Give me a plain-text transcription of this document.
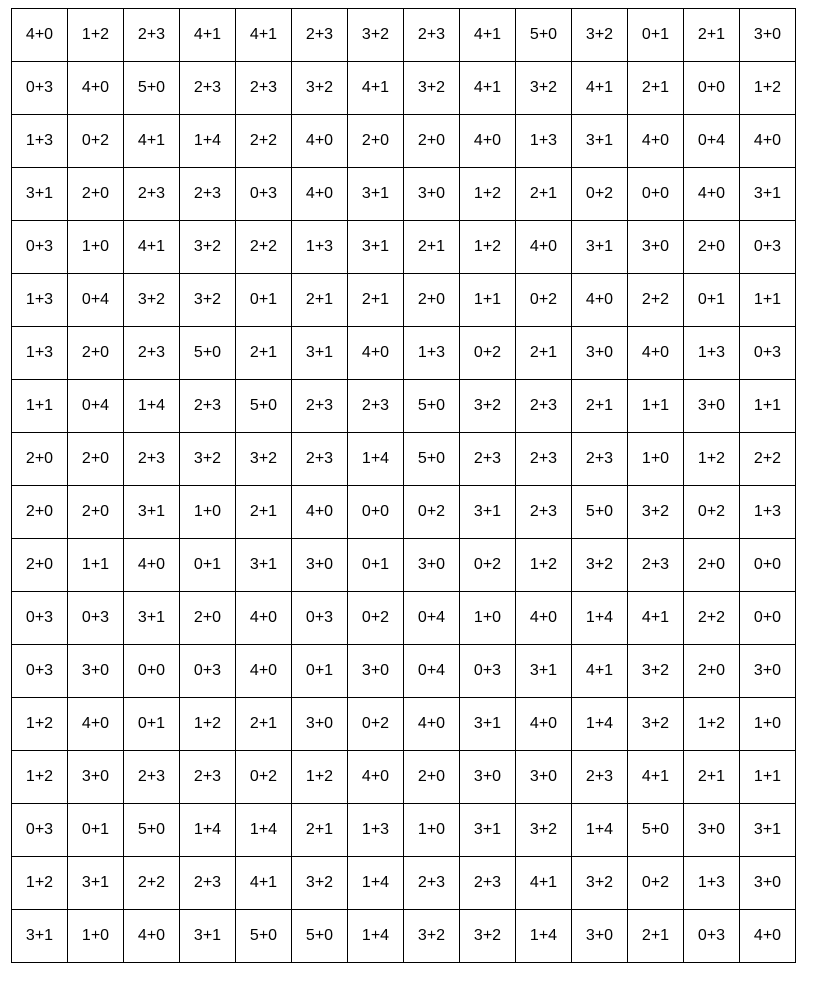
4+0	1+2	2+3	4+1	4+1	2+3	3+2	2+3	4+1	5+0	3+2	0+1	2+1	3+0
0+3	4+0	5+0	2+3	2+3	3+2	4+1	3+2	4+1	3+2	4+1	2+1	0+0	1+2
1+3	0+2	4+1	1+4	2+2	4+0	2+0	2+0	4+0	1+3	3+1	4+0	0+4	4+0
3+1	2+0	2+3	2+3	0+3	4+0	3+1	3+0	1+2	2+1	0+2	0+0	4+0	3+1
0+3	1+0	4+1	3+2	2+2	1+3	3+1	2+1	1+2	4+0	3+1	3+0	2+0	0+3
1+3	0+4	3+2	3+2	0+1	2+1	2+1	2+0	1+1	0+2	4+0	2+2	0+1	1+1
1+3	2+0	2+3	5+0	2+1	3+1	4+0	1+3	0+2	2+1	3+0	4+0	1+3	0+3
1+1	0+4	1+4	2+3	5+0	2+3	2+3	5+0	3+2	2+3	2+1	1+1	3+0	1+1
2+0	2+0	2+3	3+2	3+2	2+3	1+4	5+0	2+3	2+3	2+3	1+0	1+2	2+2
2+0	2+0	3+1	1+0	2+1	4+0	0+0	0+2	3+1	2+3	5+0	3+2	0+2	1+3
2+0	1+1	4+0	0+1	3+1	3+0	0+1	3+0	0+2	1+2	3+2	2+3	2+0	0+0
0+3	0+3	3+1	2+0	4+0	0+3	0+2	0+4	1+0	4+0	1+4	4+1	2+2	0+0
0+3	3+0	0+0	0+3	4+0	0+1	3+0	0+4	0+3	3+1	4+1	3+2	2+0	3+0
1+2	4+0	0+1	1+2	2+1	3+0	0+2	4+0	3+1	4+0	1+4	3+2	1+2	1+0
1+2	3+0	2+3	2+3	0+2	1+2	4+0	2+0	3+0	3+0	2+3	4+1	2+1	1+1
0+3	0+1	5+0	1+4	1+4	2+1	1+3	1+0	3+1	3+2	1+4	5+0	3+0	3+1
1+2	3+1	2+2	2+3	4+1	3+2	1+4	2+3	2+3	4+1	3+2	0+2	1+3	3+0
3+1	1+0	4+0	3+1	5+0	5+0	1+4	3+2	3+2	1+4	3+0	2+1	0+3	4+0
